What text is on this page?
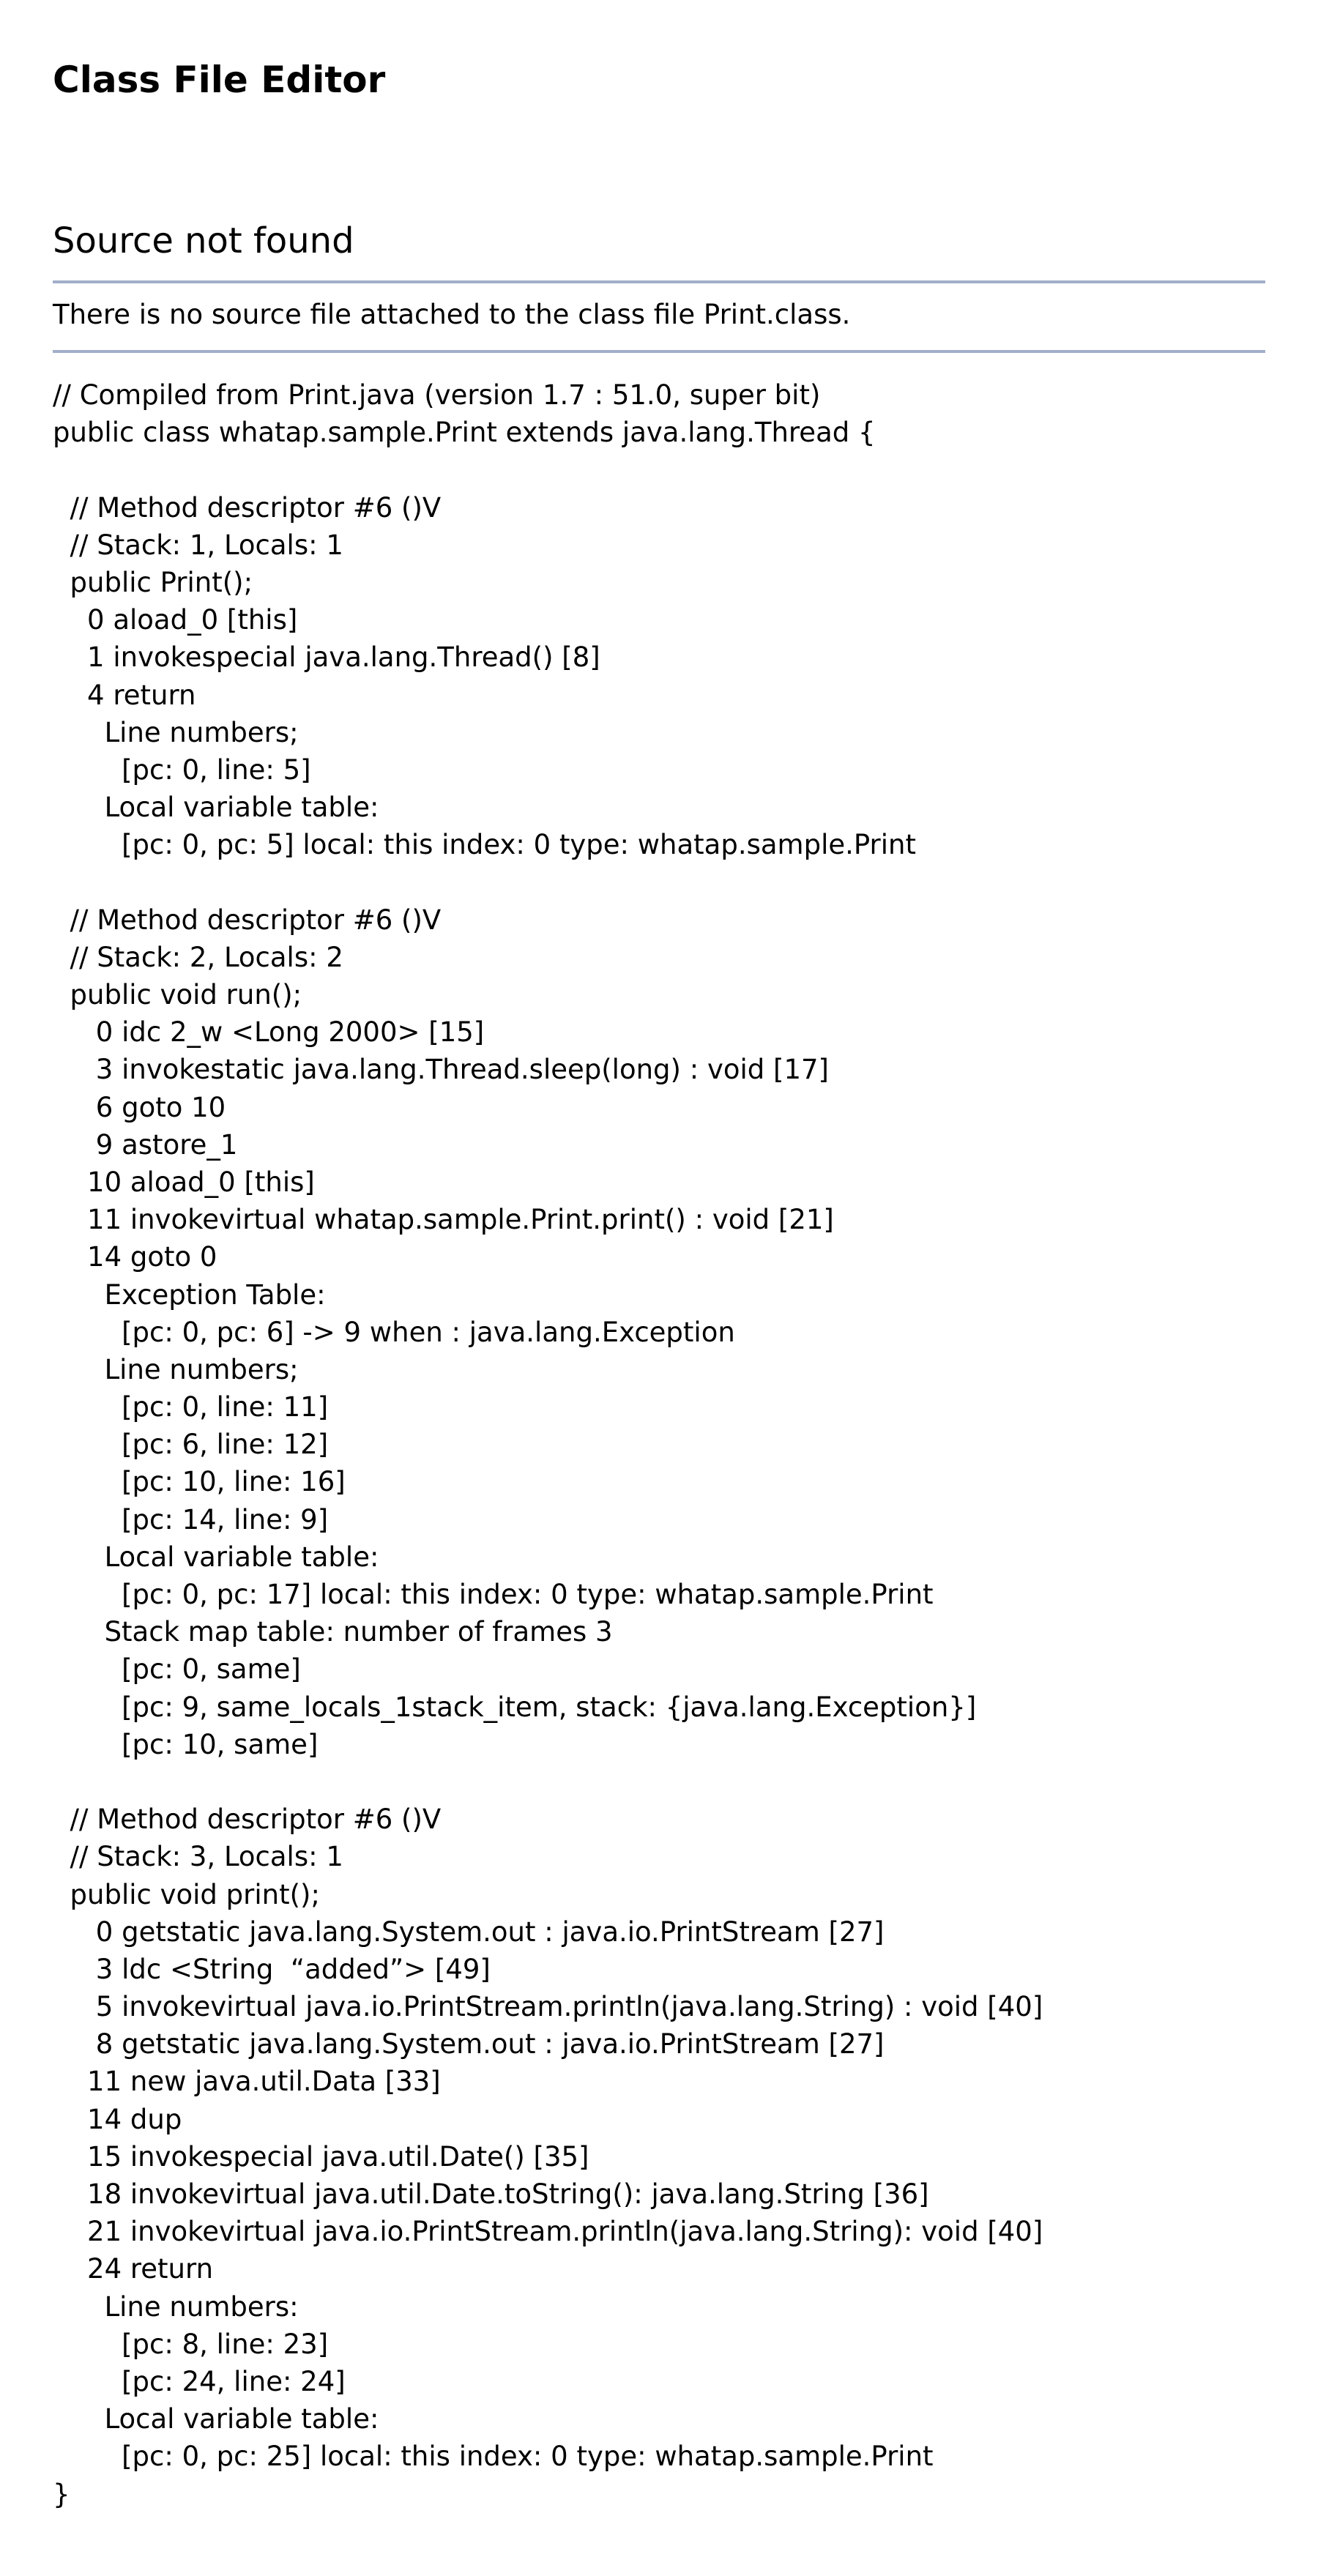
Class File Editor
Source not found

There is no source file attached to the class file Print.class.

// Compiled from Print.java (version 1.7 : 51.0, super bit)
public class whatap.sample.Print extends java.lang.Thread {
// Method descriptor #6 ()V
// Stack: 1, Locals: 1
public Print();
0 aload_0 [this]
1 invokespecial java.lang.Thread() [8]
4 return
Line numbers;
[pc: 0, line: 5]
Local variable table:
[pc: 0, pc: 5] local: this index: 0 type: whatap.sample.Print
// Method descriptor #6 ()V
// Stack: 2, Locals: 2
public void run();
0 idc 2_w <Long 2000> [15]
3 invokestatic java.lang.Thread.sleep(long) : void [17]
6 goto 10
9 astore_1
10 aload_0 [this]
11 invokevirtual whatap.sample.Print.print() : void [21]
14 goto 0
Exception Table:
[pc: 0, pc: 6] -> 9 when : java.lang.Exception
Line numbers;
[pc: 0, line: 11]
[pc: 6, line: 12]
[pc: 10, line: 16]
[pc: 14, line: 9]
Local variable table:
[pc: 0, pc: 17] local: this index: 0 type: whatap.sample.Print
Stack map table: number of frames 3
[pc: 0, same]
[pc: 9, same_locals_1stack_item, stack: {java.lang.Exception}]
[pc: 10, same]
// Method descriptor #6 ()V
// Stack: 3, Locals: 1
public void print();
0 getstatic java.lang.System.out : java.io.PrintStream [27]
3 ldc <String  “added”> [49]
5 invokevirtual java.io.PrintStream.println(java.lang.String) : void [40]
8 getstatic java.lang.System.out : java.io.PrintStream [27]
11 new java.util.Data [33]
14 dup
15 invokespecial java.util.Date() [35]
18 invokevirtual java.util.Date.toString(): java.lang.String [36]
21 invokevirtual java.io.PrintStream.println(java.lang.String): void [40]
24 return
Line numbers:
[pc: 8, line: 23]
[pc: 24, line: 24]
Local variable table:
[pc: 0, pc: 25] local: this index: 0 type: whatap.sample.Print
}
